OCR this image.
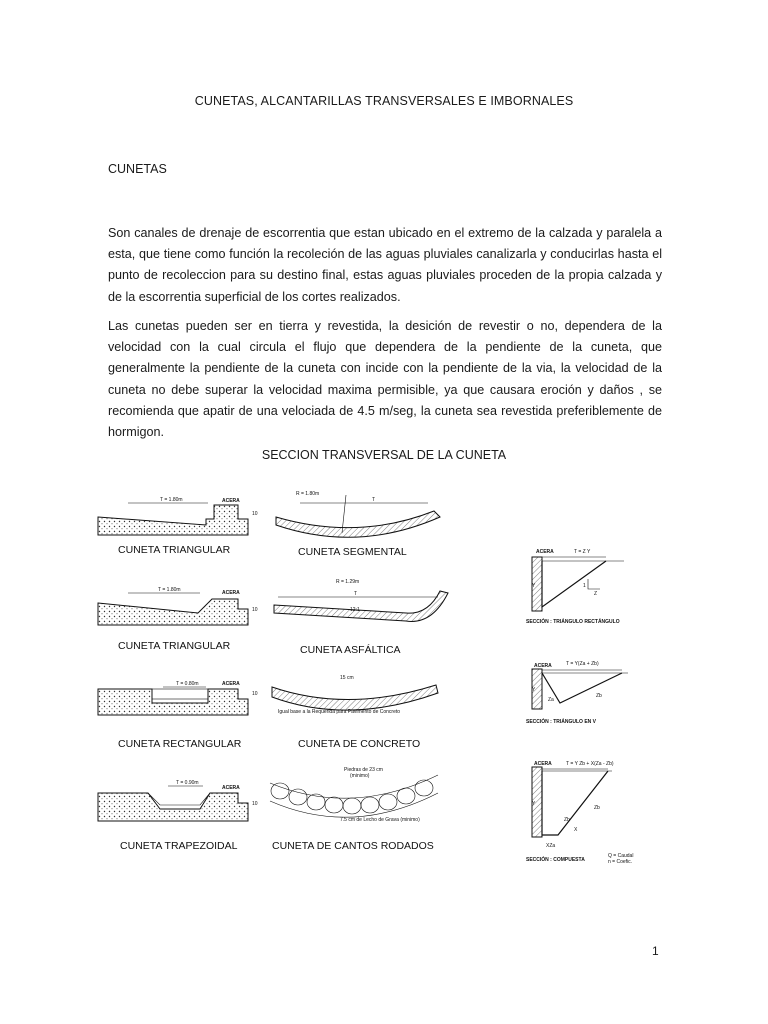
CUNETAS, ALCANTARILLAS TRANSVERSALES E IMBORNALES
CUNETAS

Son canales de drenaje de escorrentia que estan ubicado en el extremo de la calzada y paralela a esta, que tiene como función la recoleción de las aguas pluviales canalizarla y conducirlas hasta el punto de recoleccion para su destino final, estas aguas pluviales proceden de la propia calzada y de la escorrentia superficial de los cortes realizados.

Las cunetas pueden ser en tierra y revestida, la desición de revestir o no, dependera de la velocidad con la cual circula el flujo que dependera de la pendiente de la cuneta, que generalmente la pendiente de la cuneta con incide con la pendiente de la via, la velocidad de la cuneta no debe superar la velocidad maxima permisible, ya que causara eroción y daños , se recomienda que apatir de una velociada de 4.5 m/seg, la cuneta sea revestida preferiblemente de hormigon.

SECCION TRANSVERSAL DE LA CUNETA
T = 1.80m	ACERA
10
CUNETA TRIANGULAR
T = 1.80m	ACERA
10
CUNETA TRIANGULAR
T = 0.80m	ACERA
10
CUNETA RECTANGULAR
T = 0.90m
ACERA
10
CUNETA TRAPEZOIDAL
R = 1.80m
T
CUNETA SEGMENTAL
R = 1.29m
T
12:1
CUNETA ASFÁLTICA
15 cm
Igual base a la Requerida para Pavimento de Concreto
CUNETA DE CONCRETO
Piedras de 23 cm
(minimo)
7.5 cm de Lecho de Grava (minimo)
CUNETA DE CANTOS RODADOS
ACERA	T = Z Y
Y	1
Z
SECCIÓN : TRIÁNGULO RECTÁNGULO
ACERA	T = Y(Za + Zb)
Y
Za
Zb
SECCIÓN : TRIÁNGULO EN V
ACERA	T = Y Zb + X(Za - Zb)
Y
Zb
Zb
X
XZa
SECCIÓN : COMPUESTA
Q = Caudal
n = Coefic.
1
